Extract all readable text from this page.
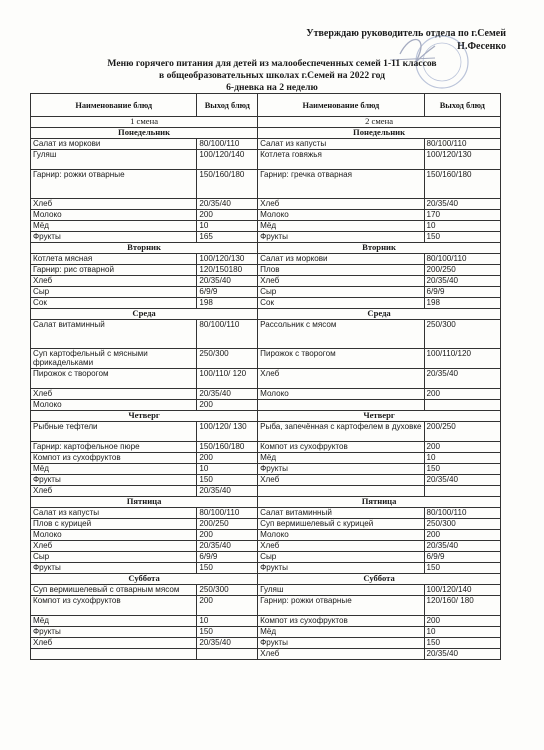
Утверждаю руководитель отдела по г.Семей
Н.Фесенко
Меню горячего питания для детей из малообеспеченных семей 1-11 классов
в общеобразовательных школах г.Семей на 2022 год
6-дневка на 2 неделю
Наименование блюд	Выход блюд	Наименование блюд	Выход блюд
1 смена		2 смена	
Понедельник		Понедельник	
Салат из моркови	80/100/110	Салат из капусты	80/100/110
Гуляш	100/120/140	Котлета говяжья	100/120/130
Гарнир: рожки отварные	150/160/180	Гарнир: гречка отварная	150/160/180
Хлеб	20/35/40	Хлеб	20/35/40
Молоко	200	Молоко	170
Мёд	10	Мёд	10
Фрукты	165	Фрукты	150
Вторник		Вторник	
Котлета мясная	100/120/130	Салат из моркови	80/100/110
Гарнир: рис отварной	120/150180	Плов	200/250
Хлеб	20/35/40	Хлеб	20/35/40
Сыр	6/9/9	Сыр	6/9/9
Сок	198	Сок	198
Среда		Среда	
Салат витаминный	80/100/110	Рассольник с мясом	250/300
Суп картофельный с мясными фрикадельками	250/300	Пирожок с творогом	100/110/120
Пирожок с творогом	100/110/ 120	Хлеб	20/35/40
Хлеб	20/35/40	Молоко	200
Молоко	200		
Четверг		Четверг	
Рыбные тефтели	100/120/ 130	Рыба, запечённая с картофелем в духовке	200/250
Гарнир: картофельное пюре	150/160/180	Компот из сухофруктов	200
Компот из сухофруктов	200	Мёд	10
Мёд	10	Фрукты	150
Фрукты	150	Хлеб	20/35/40
Хлеб	20/35/40		
Пятница		Пятница	
Салат из капусты	80/100/110	Салат витаминный	80/100/110
Плов с курицей	200/250	Суп вермишелевый с курицей	250/300
Молоко	200	Молоко	200
Хлеб	20/35/40	Хлеб	20/35/40
Сыр	6/9/9	Сыр	6/9/9
Фрукты	150	Фрукты	150
Суббота		Суббота	
Суп вермишелевый с отварным мясом	250/300	Гуляш	100/120/140
Компот из сухофруктов	200	Гарнир: рожки отварные	120/160/ 180
Мёд	10	Компот из сухофруктов	200
Фрукты	150	Мёд	10
Хлеб	20/35/40	Фрукты	150
		Хлеб	20/35/40
